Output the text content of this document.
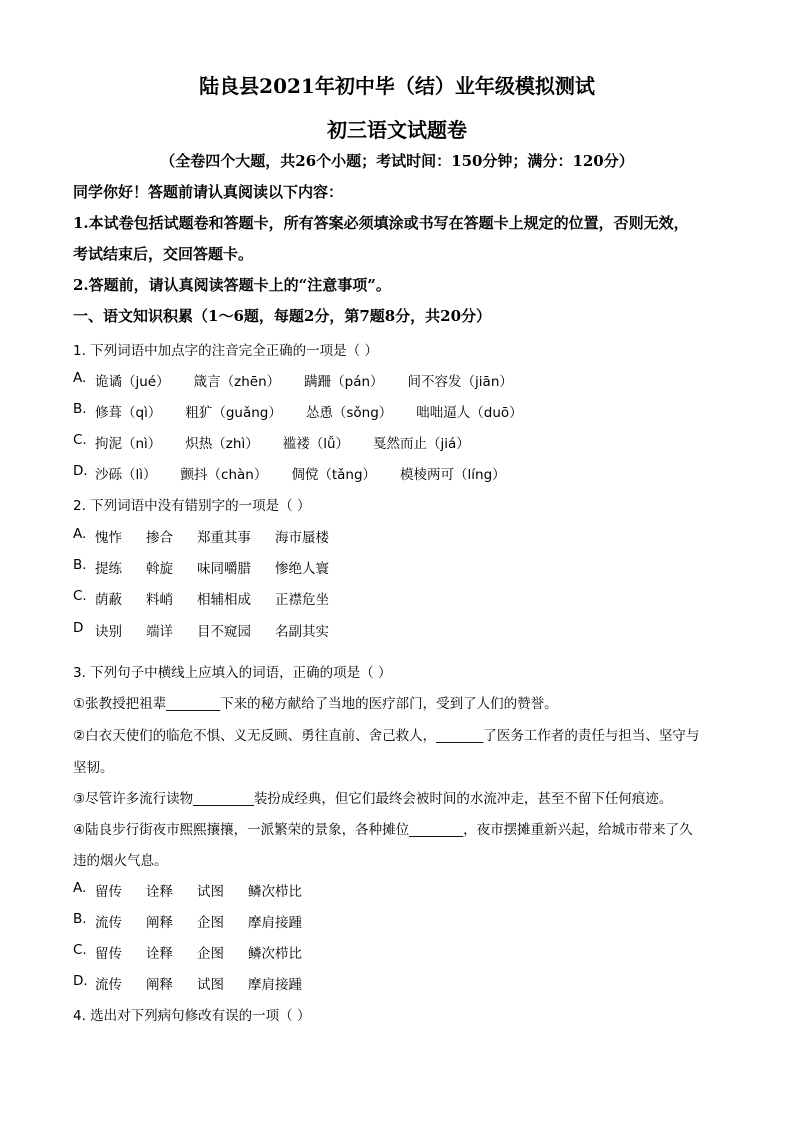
陆良县2021年初中毕（结）业年级模拟测试
初三语文试题卷
（全卷四个大题，共26个小题；考试时间：150分钟；满分：120分）
同学你好！答题前请认真阅读以下内容：
1.本试卷包括试题卷和答题卡，所有答案必须填涂或书写在答题卡上规定的位置，否则无效，
考试结束后，交回答题卡。
2.答题前，请认真阅读答题卡上的“注意事项”。
一、语文知识积累（1～6题，每题2分，第7题8分，共20分）
1. 下列词语中加点字的注音完全正确的一项是（ ）
A. 诡谲（jué） 箴言（zhēn） 蹒跚（pán） 间不容发（jiān）
B. 修葺（qì） 粗犷（guǎng） 怂恿（sǒng） 咄咄逼人（duō）
C. 拘泥（nì） 炽热（zhì） 褴褛（lǚ） 戛然而止（jiá）
D. 沙砾（lì） 颤抖（chàn） 倜傥（tǎng） 模棱两可（líng）
2. 下列词语中没有错别字的一项是（ ）
A. 愧怍 掺合 郑重其事 海市蜃楼
B. 提练 斡旋 味同嚼腊 惨绝人寰
C. 荫蔽 料峭 相辅相成 正襟危坐
D 诀别 端详 目不窥园 名副其实
3. 下列句子中横线上应填入的词语，正确的项是（ ）
①张教授把祖辈________下来的秘方献给了当地的医疗部门，受到了人们的赞誉。
②白衣天使们的临危不惧、义无反顾、勇往直前、舍己救人，_______了医务工作者的责任与担当、坚守与
坚韧。
③尽管许多流行读物_________装扮成经典，但它们最终会被时间的水流冲走，甚至不留下任何痕迹。
④陆良步行街夜市熙熙攘攘，一派繁荣的景象，各种摊位________，夜市摆摊重新兴起，给城市带来了久
违的烟火气息。
A. 留传 诠释 试图 鳞次栉比
B. 流传 阐释 企图 摩肩接踵
C. 留传 诠释 企图 鳞次栉比
D. 流传 阐释 试图 摩肩接踵
4. 选出对下列病句修改有误的一项（ ）
